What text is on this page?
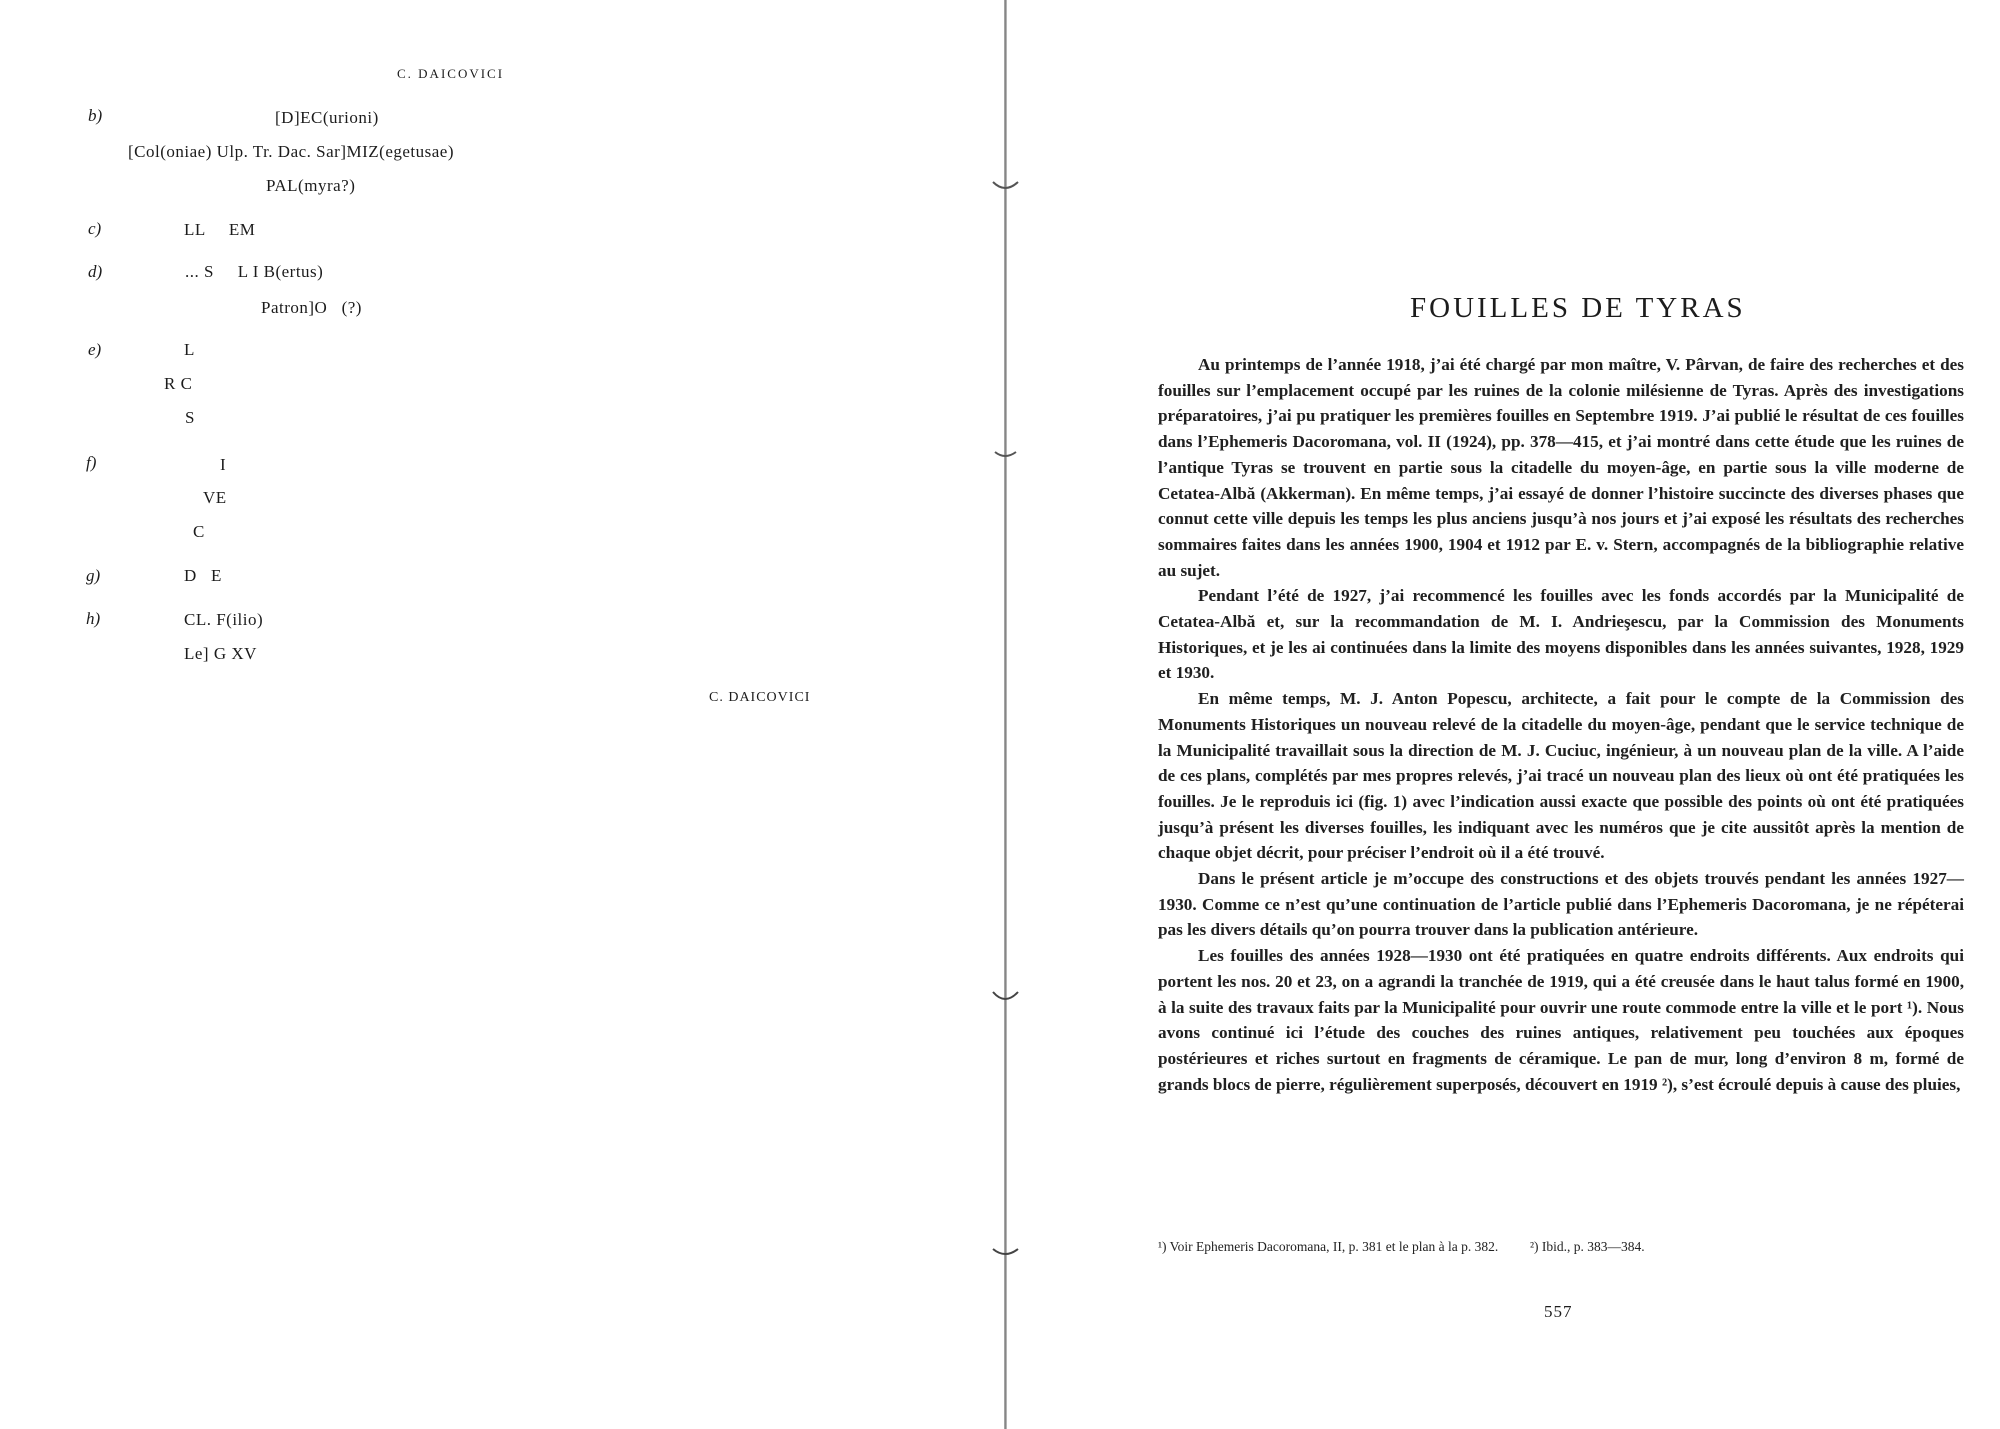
C. DAICOVICI
b)	[D]EC(urioni)
[Col(oniae) Ulp. Tr. Dac. Sar]MIZ(egetusae)
PAL(myra?)
c)	LL     EM
d)	... S     L I B(ertus)
Patron]O   (?)
e)	L
R C
S
f)	I
VE
C
g)	D   E
h)	CL. F(ilio)
Le] G XV
C. DAICOVICI
FOUILLES DE TYRAS

Au printemps de l’année 1918, j’ai été chargé par mon maître, V. Pârvan, de faire des recherches et des fouilles sur l’emplacement occupé par les ruines de la colonie milésienne de Tyras. Après des investigations préparatoires, j’ai pu pratiquer les premières fouilles en Septembre 1919. J’ai publié le résultat de ces fouilles dans l’Ephemeris Dacoromana, vol. II (1924), pp. 378—415, et j’ai montré dans cette étude que les ruines de l’antique Tyras se trouvent en partie sous la citadelle du moyen-âge, en partie sous la ville moderne de Cetatea-Albă (Akkerman). En même temps, j’ai essayé de donner l’histoire succincte des diverses phases que connut cette ville depuis les temps les plus anciens jusqu’à nos jours et j’ai exposé les résultats des recherches sommaires faites dans les années 1900, 1904 et 1912 par E. v. Stern, accompagnés de la bibliographie relative au sujet.

Pendant l’été de 1927, j’ai recommencé les fouilles avec les fonds accordés par la Municipalité de Cetatea-Albă et, sur la recommandation de M. I. Andrieşescu, par la Commission des Monuments Historiques, et je les ai continuées dans la limite des moyens disponibles dans les années suivantes, 1928, 1929 et 1930.

En même temps, M. J. Anton Popescu, architecte, a fait pour le compte de la Commission des Monuments Historiques un nouveau relevé de la citadelle du moyen-âge, pendant que le service technique de la Municipalité travaillait sous la direction de M. J. Cuciuc, ingénieur, à un nouveau plan de la ville. A l’aide de ces plans, complétés par mes propres relevés, j’ai tracé un nouveau plan des lieux où ont été pratiquées les fouilles. Je le reproduis ici (fig. 1) avec l’indication aussi exacte que possible des points où ont été pratiquées jusqu’à présent les diverses fouilles, les indiquant avec les numéros que je cite aussitôt après la mention de chaque objet décrit, pour préciser l’endroit où il a été trouvé.

Dans le présent article je m’occupe des constructions et des objets trouvés pendant les années 1927—1930. Comme ce n’est qu’une continuation de l’article publié dans l’Ephemeris Dacoromana, je ne répéterai pas les divers détails qu’on pourra trouver dans la publication antérieure.

Les fouilles des années 1928—1930 ont été pratiquées en quatre endroits différents. Aux endroits qui portent les nos. 20 et 23, on a agrandi la tranchée de 1919, qui a été creusée dans le haut talus formé en 1900, à la suite des travaux faits par la Municipalité pour ouvrir une route commode entre la ville et le port ¹). Nous avons continué ici l’étude des couches des ruines antiques, relativement peu touchées aux époques postérieures et riches surtout en fragments de céramique. Le pan de mur, long d’environ 8 m, formé de grands blocs de pierre, régulièrement superposés, découvert en 1919 ²), s’est écroulé depuis à cause des pluies,

¹) Voir Ephemeris Dacoromana, II, p. 381 et le plan à la p. 382.	²) Ibid., p. 383—384.
557
